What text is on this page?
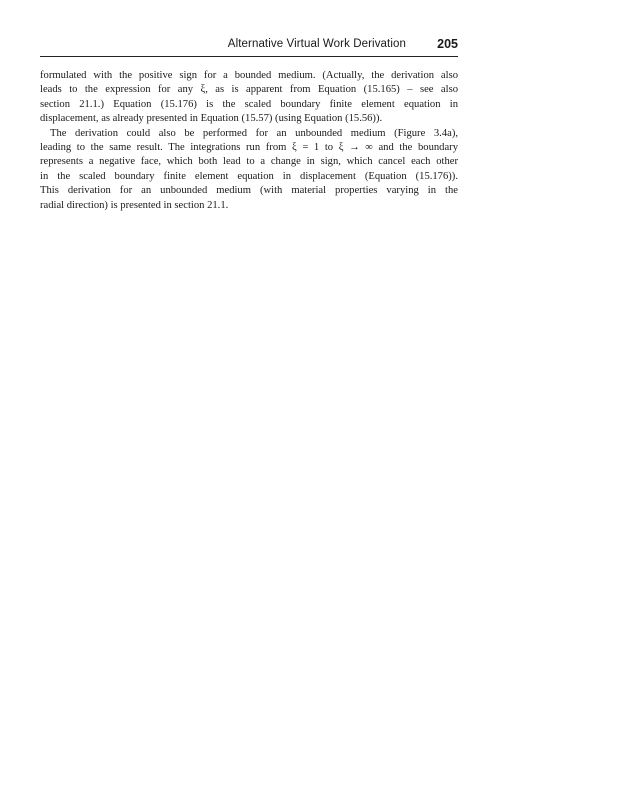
Alternative Virtual Work Derivation 205

formulated with the positive sign for a bounded medium. (Actually, the derivation also
leads to the expression for any ξ, as is apparent from Equation (15.165) – see also
section 21.1.) Equation (15.176) is the scaled boundary finite element equation in
displacement, as already presented in Equation (15.57) (using Equation (15.56)).

The derivation could also be performed for an unbounded medium (Figure 3.4a),
leading to the same result. The integrations run from ξ = 1 to ξ → ∞ and the boundary
represents a negative face, which both lead to a change in sign, which cancel each other
in the scaled boundary finite element equation in displacement (Equation (15.176)).
This derivation for an unbounded medium (with material properties varying in the
radial direction) is presented in section 21.1.
